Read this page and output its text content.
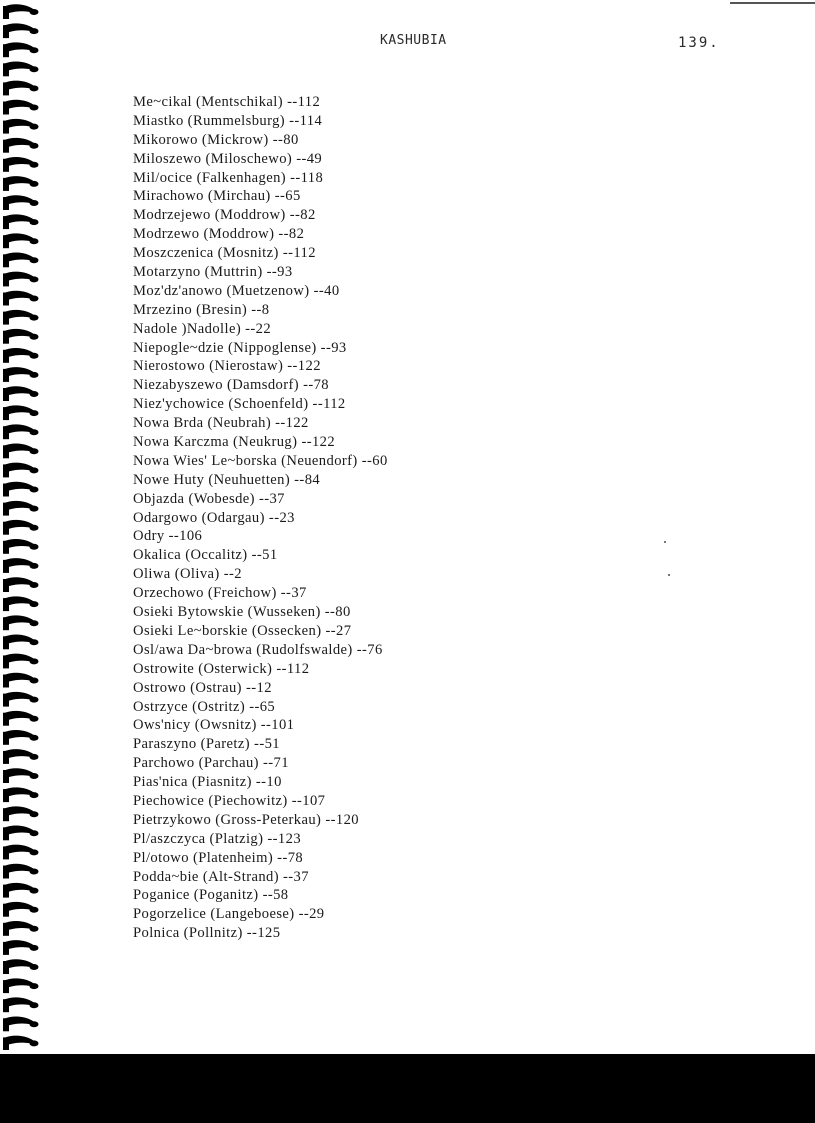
KASHUBIA	139.
Me~cikal (Mentschikal) --112
Miastko (Rummelsburg) --114
Mikorowo (Mickrow) --80
Miloszewo (Miloschewo) --49
Mil/ocice (Falkenhagen) --118
Mirachowo (Mirchau) --65
Modrzejewo (Moddrow) --82
Modrzewo (Moddrow) --82
Moszczenica (Mosnitz) --112
Motarzyno (Muttrin) --93
Moz'dz'anowo (Muetzenow) --40
Mrzezino (Bresin) --8
Nadole )Nadolle) --22
Niepogle~dzie (Nippoglense) --93
Nierostowo (Nierostaw) --122
Niezabyszewo (Damsdorf) --78
Niez'ychowice (Schoenfeld) --112
Nowa Brda (Neubrah) --122
Nowa Karczma (Neukrug) --122
Nowa Wies' Le~borska (Neuendorf) --60
Nowe Huty (Neuhuetten) --84
Objazda (Wobesde) --37
Odargowo (Odargau) --23
Odry --106
Okalica (Occalitz) --51
Oliwa (Oliva) --2
Orzechowo (Freichow) --37
Osieki Bytowskie (Wusseken) --80
Osieki Le~borskie (Ossecken) --27
Osl/awa Da~browa (Rudolfswalde) --76
Ostrowite (Osterwick) --112
Ostrowo (Ostrau) --12
Ostrzyce (Ostritz) --65
Ows'nicy (Owsnitz) --101
Paraszyno (Paretz) --51
Parchowo (Parchau) --71
Pias'nica (Piasnitz) --10
Piechowice (Piechowitz) --107
Pietrzykowo (Gross-Peterkau) --120
Pl/aszczyca (Platzig) --123
Pl/otowo (Platenheim) --78
Podda~bie (Alt-Strand) --37
Poganice (Poganitz) --58
Pogorzelice (Langeboese) --29
Polnica (Pollnitz) --125
